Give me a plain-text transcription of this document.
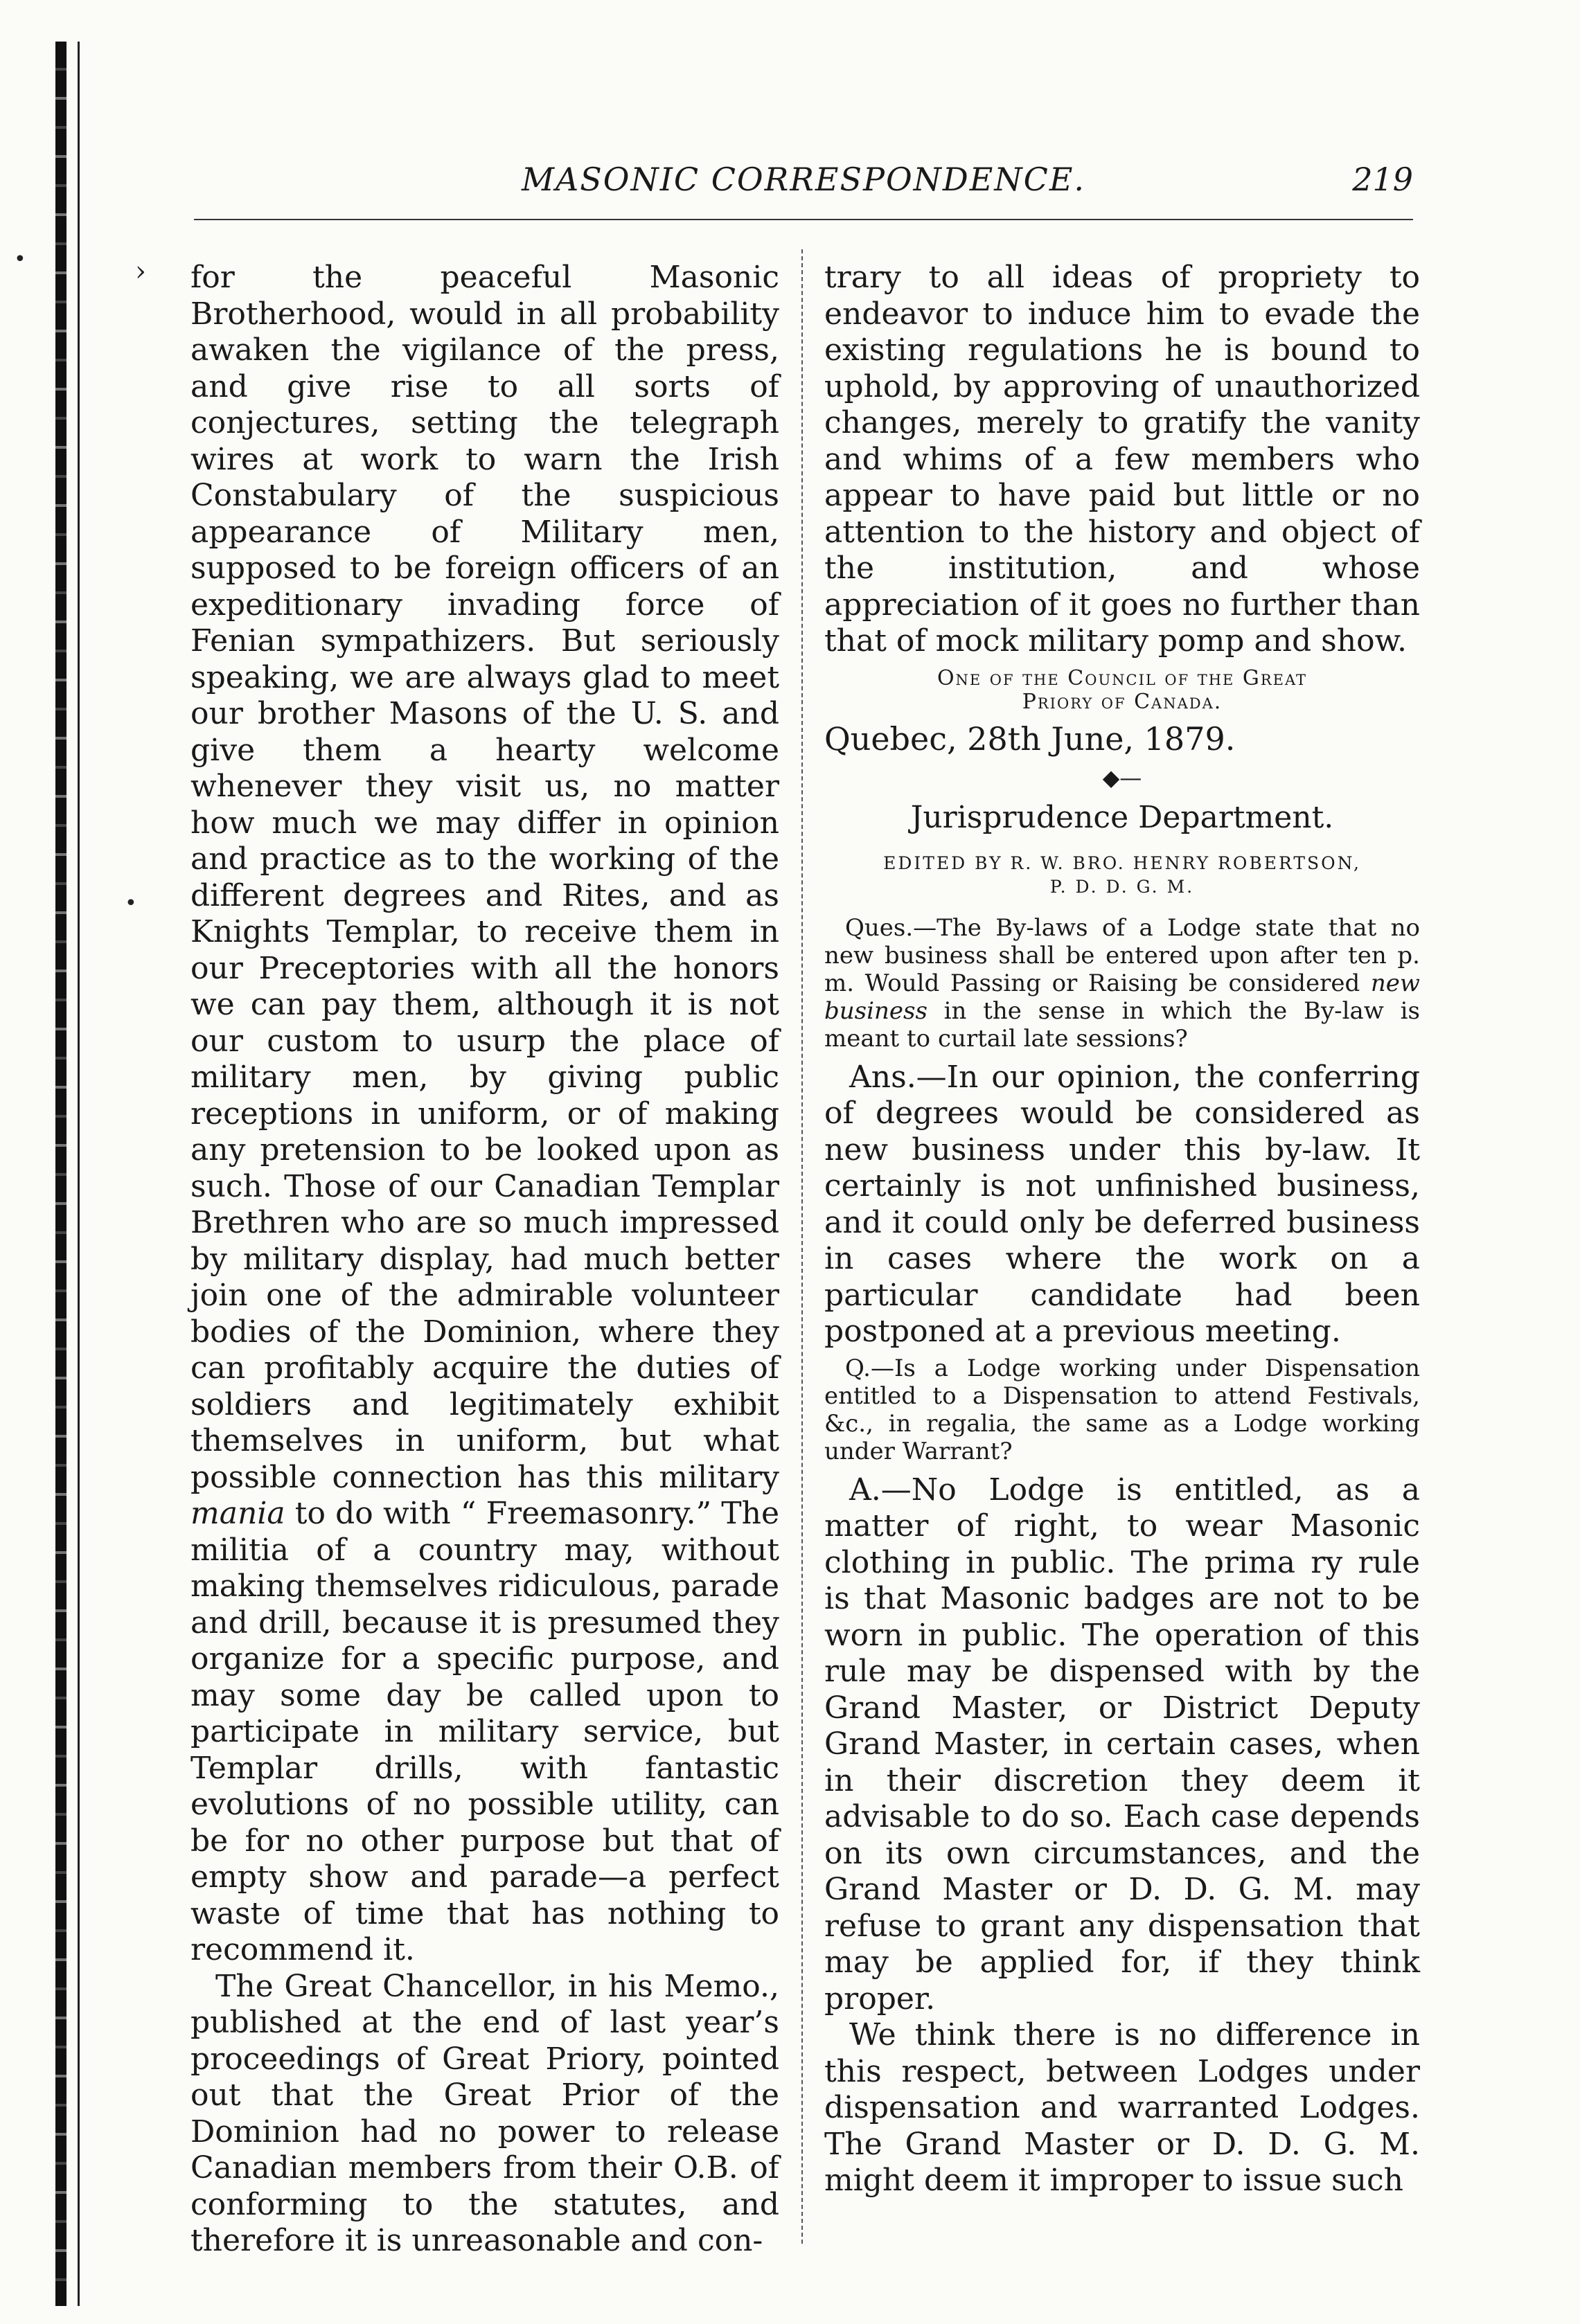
›
•
•
MASONIC CORRESPONDENCE.	219

for the peaceful Masonic Brotherhood, would in all probability awaken the vigilance of the press, and give rise to all sorts of conjectures, setting the telegraph wires at work to warn the Irish Constabulary of the suspicious appearance of Military men, supposed to be foreign officers of an expeditionary invading force of Fenian sympathizers. But seriously speaking, we are always glad to meet our brother Masons of the U. S. and give them a hearty welcome whenever they visit us, no matter how much we may differ in opinion and practice as to the working of the different degrees and Rites, and as Knights Templar, to receive them in our Preceptories with all the honors we can pay them, although it is not our custom to usurp the place of military men, by giving public receptions in uniform, or of making any pretension to be looked upon as such. Those of our Canadian Templar Brethren who are so much impressed by military display, had much better join one of the admirable volunteer bodies of the Dominion, where they can profitably acquire the duties of soldiers and legitimately exhibit themselves in uniform, but what possible connection has this military mania to do with “ Freemasonry.” The militia of a country may, without making themselves ridiculous, parade and drill, because it is presumed they organize for a specific purpose, and may some day be called upon to participate in military service, but Templar drills, with fantastic evolutions of no possible utility, can be for no other purpose but that of empty show and parade—a perfect waste of time that has nothing to recommend it.

The Great Chancellor, in his Memo., published at the end of last year’s proceedings of Great Priory, pointed out that the Great Prior of the Dominion had no power to release Canadian members from their O.B. of conforming to the statutes, and therefore it is unreasonable and con-

trary to all ideas of propriety to endeavor to induce him to evade the existing regulations he is bound to uphold, by approving of unauthorized changes, merely to gratify the vanity and whims of a few members who appear to have paid but little or no attention to the history and object of the institution, and whose appreciation of it goes no further than that of mock military pomp and show.

One of the Council of the Great
Priory of Canada.
Quebec, 28th June, 1879.
◆—
Jurisprudence Department.
EDITED BY R. W. BRO. HENRY ROBERTSON,
P. D. D. G. M.

Ques.—The By-laws of a Lodge state that no new business shall be entered upon after ten p. m. Would Passing or Raising be considered new business in the sense in which the By-law is meant to curtail late sessions?

Ans.—In our opinion, the conferring of degrees would be considered as new business under this by-law. It certainly is not unfinished business, and it could only be deferred business in cases where the work on a particular candidate had been postponed at a previous meeting.

Q.—Is a Lodge working under Dispensation entitled to a Dispensation to attend Festivals, &c., in regalia, the same as a Lodge working under Warrant?

A.—No Lodge is entitled, as a matter of right, to wear Masonic clothing in public. The prima ry rule is that Masonic badges are not to be worn in public. The operation of this rule may be dispensed with by the Grand Master, or District Deputy Grand Master, in certain cases, when in their discretion they deem it advisable to do so. Each case depends on its own circumstances, and the Grand Master or D. D. G. M. may refuse to grant any dispensation that may be applied for, if they think proper.

We think there is no difference in this respect, between Lodges under dispensation and warranted Lodges. The Grand Master or D. D. G. M. might deem it improper to issue such
